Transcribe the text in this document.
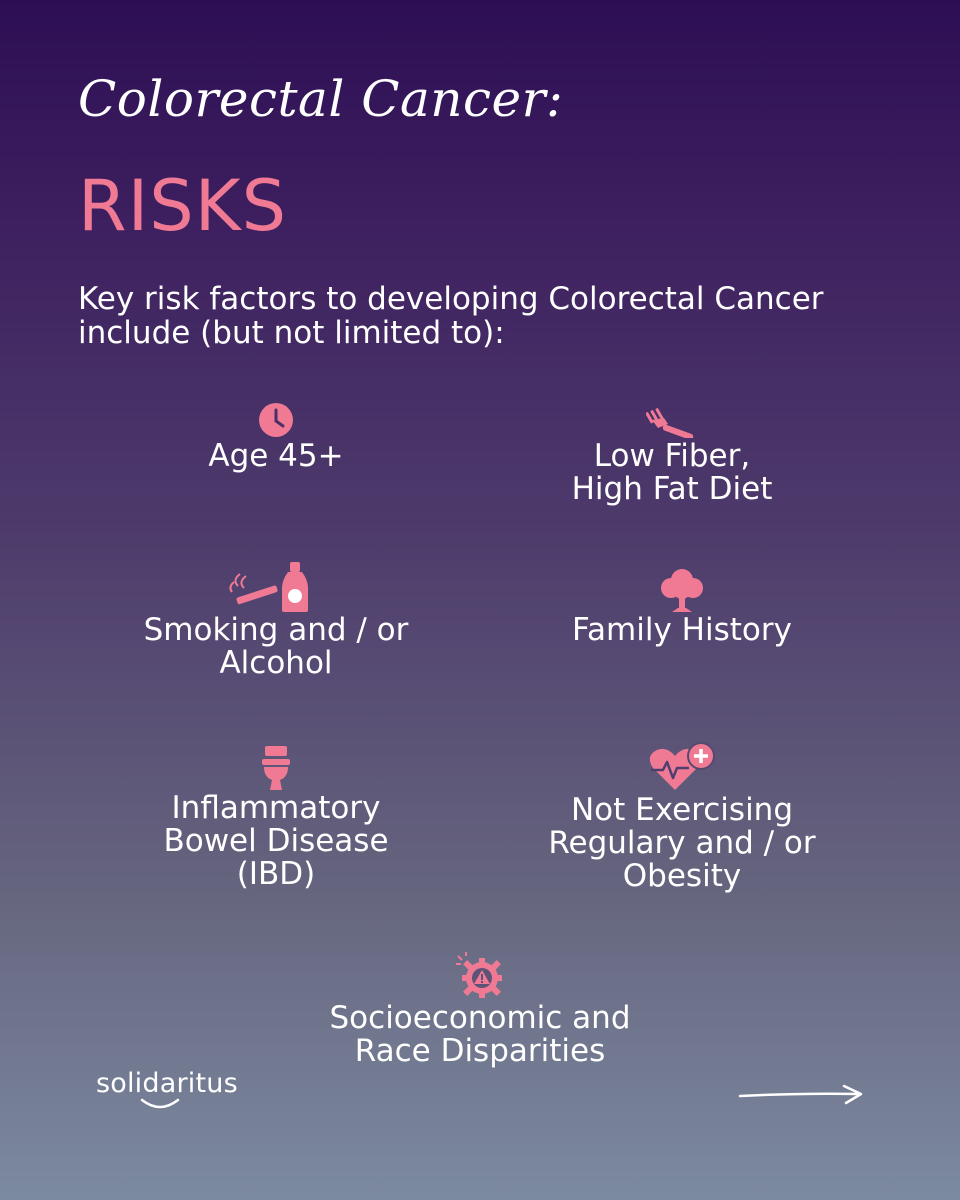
Colorectal Cancer:
RISKS
Key risk factors to developing Colorectal Cancer include (but not limited to):
Age 45+	Low Fiber,
High Fat Diet
Smoking and / or
Alcohol
Family History
Inflammatory
Bowel Disease
(IBD)
Not Exercising
Regulary and / or
Obesity
Socioeconomic and
Race Disparities
solidaritus
